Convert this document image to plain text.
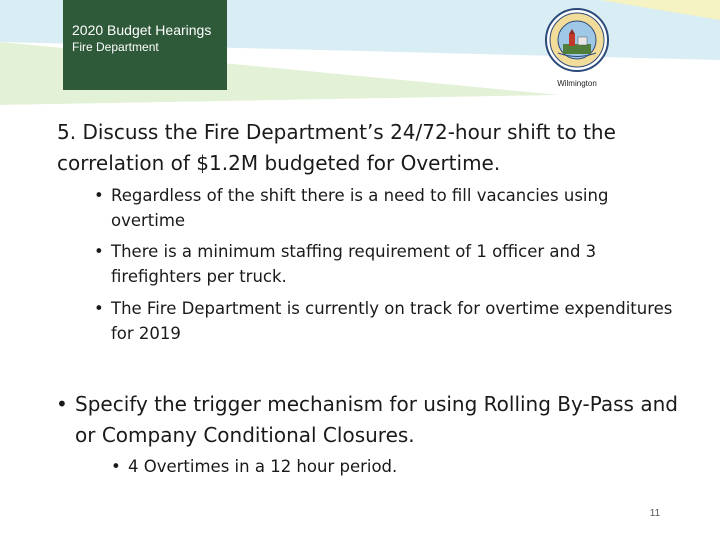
2020 Budget Hearings
Fire Department
Wilmington

5. Discuss the Fire Department’s 24/72-hour shift to the correlation of $1.2M budgeted for Overtime.

• Regardless of the shift there is a need to fill vacancies using overtime

• There is a minimum staffing requirement of 1 officer and 3 firefighters per truck.

• The Fire Department is currently on track for overtime expenditures for 2019

• Specify the trigger mechanism for using Rolling By-Pass and or Company Conditional Closures.

• 4 Overtimes in a 12 hour period.

11
